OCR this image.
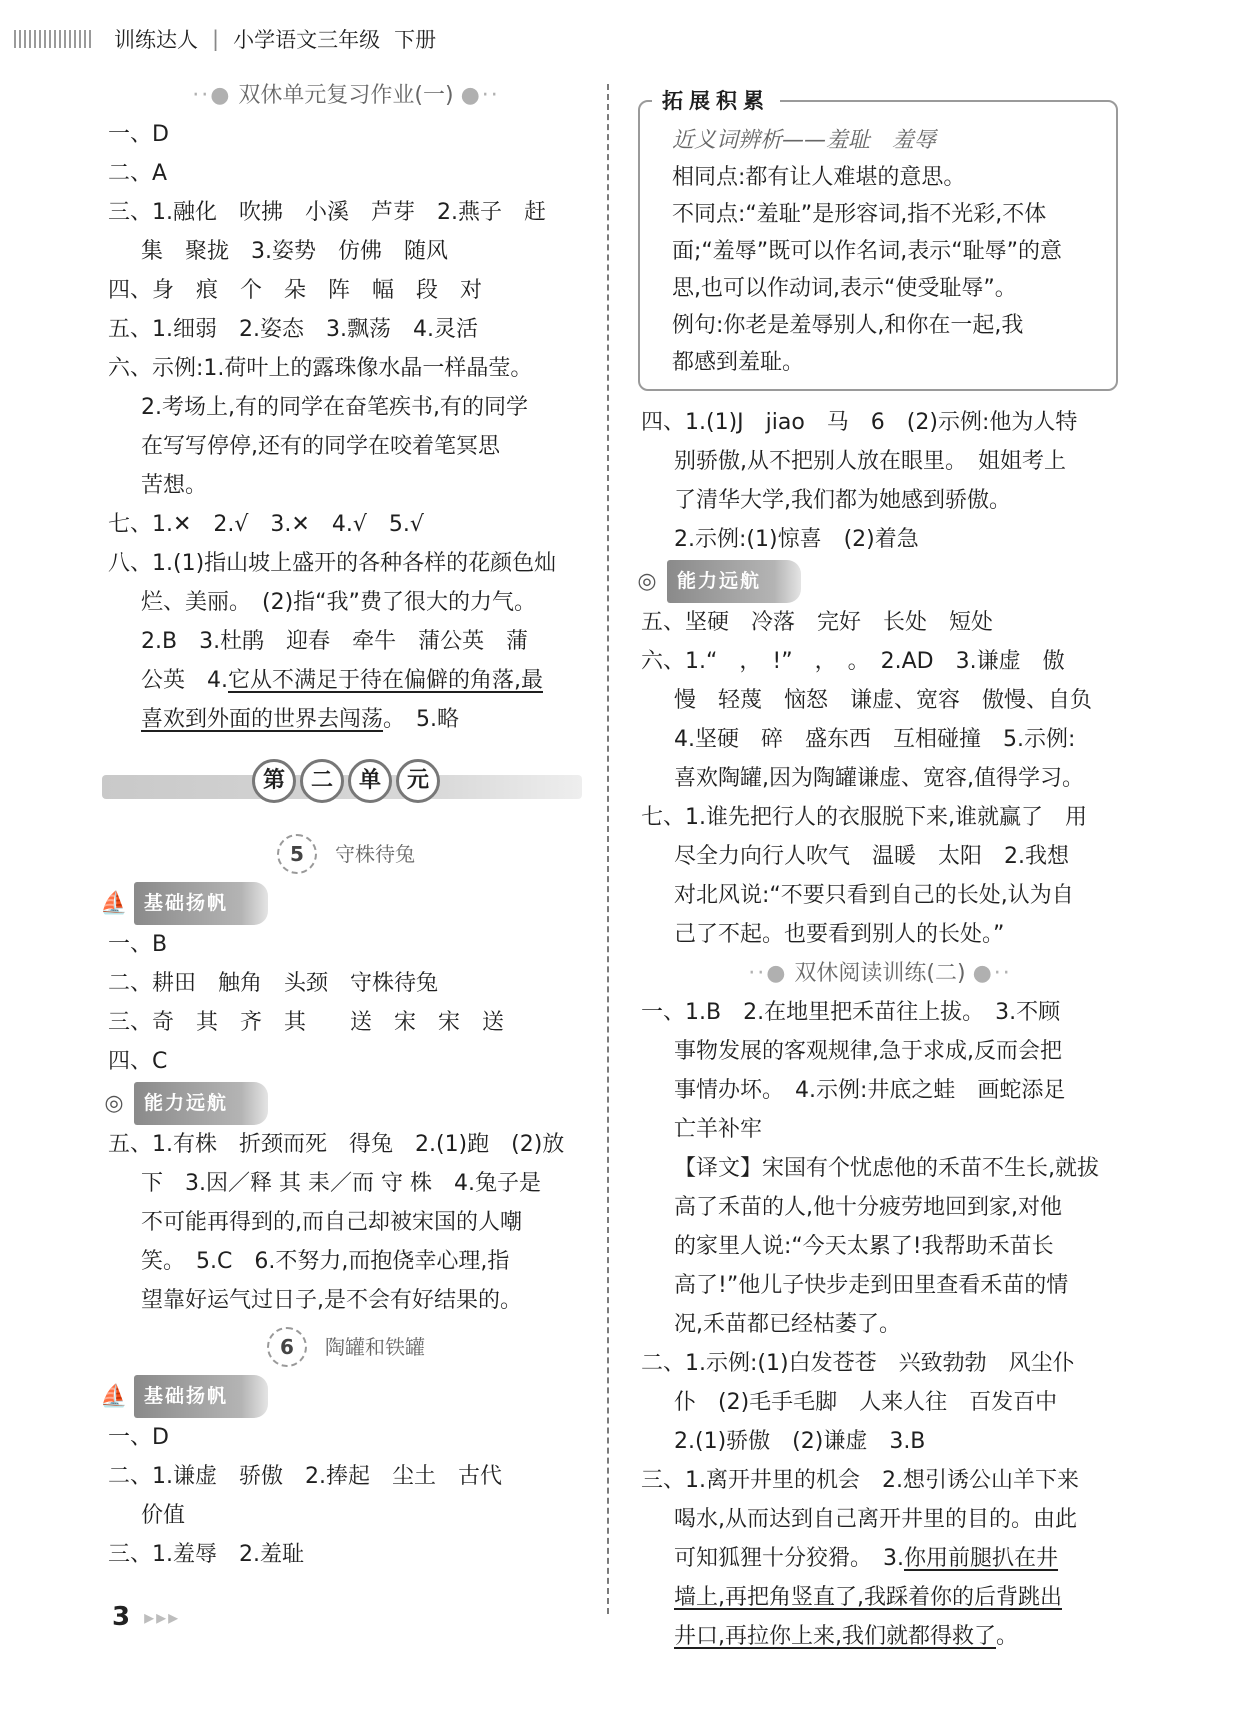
训练达人 | 小学语文三年级 下册
··● 双休单元复习作业(一) ●··
一、D
二、A
三、1.融化　吹拂　小溪　芦芽　2.燕子　赶
集　聚拢　3.姿势　仿佛　随风
四、身　痕　个　朵　阵　幅　段　对
五、1.细弱　2.姿态　3.飘荡　4.灵活
六、示例:1.荷叶上的露珠像水晶一样晶莹。
2.考场上,有的同学在奋笔疾书,有的同学
在写写停停,还有的同学在咬着笔冥思
苦想。
七、1.✕　2.√　3.✕　4.√　5.√
八、1.(1)指山坡上盛开的各种各样的花颜色灿
烂、美丽。　(2)指“我”费了很大的力气。
2.B　3.杜鹃　迎春　牵牛　蒲公英　蒲
公英　4.它从不满足于待在偏僻的角落,最
喜欢到外面的世界去闯荡。　5.略
第	二	单	元
5	守株待兔
⛵ 基础扬帆
一、B
二、耕田　触角　头颈　守株待兔
三、奇　其　齐　其　　送　宋　宋　送
四、C
◎	能力远航
五、1.有株　折颈而死　得兔　2.(1)跑　(2)放
下　3.因／释 其 耒／而 守 株　4.兔子是
不可能再得到的,而自己却被宋国的人嘲
笑。　5.C　6.不努力,而抱侥幸心理,指
望靠好运气过日子,是不会有好结果的。
6	陶罐和铁罐
⛵ 基础扬帆
一、D
二、1.谦虚　骄傲　2.捧起　尘土　古代
价值
三、1.羞辱　2.羞耻
拓展积累
近义词辨析——羞耻　羞辱
相同点:都有让人难堪的意思。
不同点:“羞耻”是形容词,指不光彩,不体
面;“羞辱”既可以作名词,表示“耻辱”的意
思,也可以作动词,表示“使受耻辱”。
例句:你老是羞辱别人,和你在一起,我
都感到羞耻。
四、1.(1)J　jiao　马　6　(2)示例:他为人特
别骄傲,从不把别人放在眼里。　姐姐考上
了清华大学,我们都为她感到骄傲。
2.示例:(1)惊喜　(2)着急
◎	能力远航
五、坚硬　冷落　完好　长处　短处
六、1.“　，　!”　，　。　2.AD　3.谦虚　傲
慢　轻蔑　恼怒　谦虚、宽容　傲慢、自负
4.坚硬　碎　盛东西　互相碰撞　5.示例:
喜欢陶罐,因为陶罐谦虚、宽容,值得学习。
七、1.谁先把行人的衣服脱下来,谁就赢了　用
尽全力向行人吹气　温暖　太阳　2.我想
对北风说:“不要只看到自己的长处,认为自
己了不起。也要看到别人的长处。”
··● 双休阅读训练(二) ●··
一、1.B　2.在地里把禾苗往上拔。　3.不顾
事物发展的客观规律,急于求成,反而会把
事情办坏。　4.示例:井底之蛙　画蛇添足
亡羊补牢
【译文】宋国有个忧虑他的禾苗不生长,就拔
高了禾苗的人,他十分疲劳地回到家,对他
的家里人说:“今天太累了!我帮助禾苗长
高了!”他儿子快步走到田里查看禾苗的情
况,禾苗都已经枯萎了。
二、1.示例:(1)白发苍苍　兴致勃勃　风尘仆
仆　(2)毛手毛脚　人来人往　百发百中
2.(1)骄傲　(2)谦虚　3.B
三、1.离开井里的机会　2.想引诱公山羊下来
喝水,从而达到自己离开井里的目的。由此
可知狐狸十分狡猾。　3.你用前腿扒在井
墙上,再把角竖直了,我踩着你的后背跳出
井口,再拉你上来,我们就都得救了。
3 ▸▸▸
